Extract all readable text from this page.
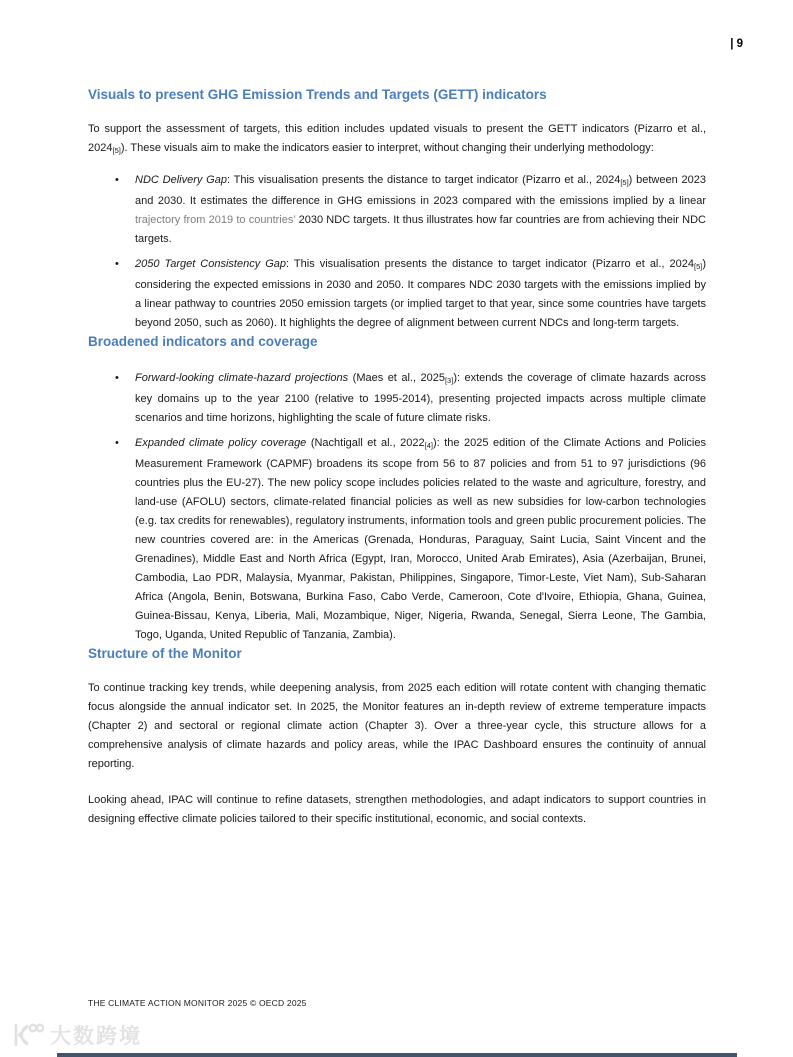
| 9
Visuals to present GHG Emission Trends and Targets (GETT) indicators

To support the assessment of targets, this edition includes updated visuals to present the GETT indicators (Pizarro et al., 2024[5]). These visuals aim to make the indicators easier to interpret, without changing their underlying methodology:

• NDC Delivery Gap: This visualisation presents the distance to target indicator (Pizarro et al., 2024[5]) between 2023 and 2030. It estimates the difference in GHG emissions in 2023 compared with the emissions implied by a linear trajectory from 2019 to countries’ 2030 NDC targets. It thus illustrates how far countries are from achieving their NDC targets.
• 2050 Target Consistency Gap: This visualisation presents the distance to target indicator (Pizarro et al., 2024[5]) considering the expected emissions in 2030 and 2050. It compares NDC 2030 targets with the emissions implied by a linear pathway to countries 2050 emission targets (or implied target to that year, since some countries have targets beyond 2050, such as 2060). It highlights the degree of alignment between current NDCs and long-term targets.
Broadened indicators and coverage
• Forward-looking climate-hazard projections (Maes et al., 2025[3]): extends the coverage of climate hazards across key domains up to the year 2100 (relative to 1995-2014), presenting projected impacts across multiple climate scenarios and time horizons, highlighting the scale of future climate risks.
• Expanded climate policy coverage (Nachtigall et al., 2022[4]): the 2025 edition of the Climate Actions and Policies Measurement Framework (CAPMF) broadens its scope from 56 to 87 policies and from 51 to 97 jurisdictions (96 countries plus the EU-27). The new policy scope includes policies related to the waste and agriculture, forestry, and land-use (AFOLU) sectors, climate-related financial policies as well as new subsidies for low-carbon technologies (e.g. tax credits for renewables), regulatory instruments, information tools and green public procurement policies. The new countries covered are: in the Americas (Grenada, Honduras, Paraguay, Saint Lucia, Saint Vincent and the Grenadines), Middle East and North Africa (Egypt, Iran, Morocco, United Arab Emirates), Asia (Azerbaijan, Brunei, Cambodia, Lao PDR, Malaysia, Myanmar, Pakistan, Philippines, Singapore, Timor-Leste, Viet Nam), Sub-Saharan Africa (Angola, Benin, Botswana, Burkina Faso, Cabo Verde, Cameroon, Cote d'Ivoire, Ethiopia, Ghana, Guinea, Guinea-Bissau, Kenya, Liberia, Mali, Mozambique, Niger, Nigeria, Rwanda, Senegal, Sierra Leone, The Gambia, Togo, Uganda, United Republic of Tanzania, Zambia).
Structure of the Monitor

To continue tracking key trends, while deepening analysis, from 2025 each edition will rotate content with changing thematic focus alongside the annual indicator set. In 2025, the Monitor features an in-depth review of extreme temperature impacts (Chapter 2) and sectoral or regional climate action (Chapter 3). Over a three-year cycle, this structure allows for a comprehensive analysis of climate hazards and policy areas, while the IPAC Dashboard ensures the continuity of annual reporting.

Looking ahead, IPAC will continue to refine datasets, strengthen methodologies, and adapt indicators to support countries in designing effective climate policies tailored to their specific institutional, economic, and social contexts.

THE CLIMATE ACTION MONITOR 2025 © OECD 2025
大数跨境
